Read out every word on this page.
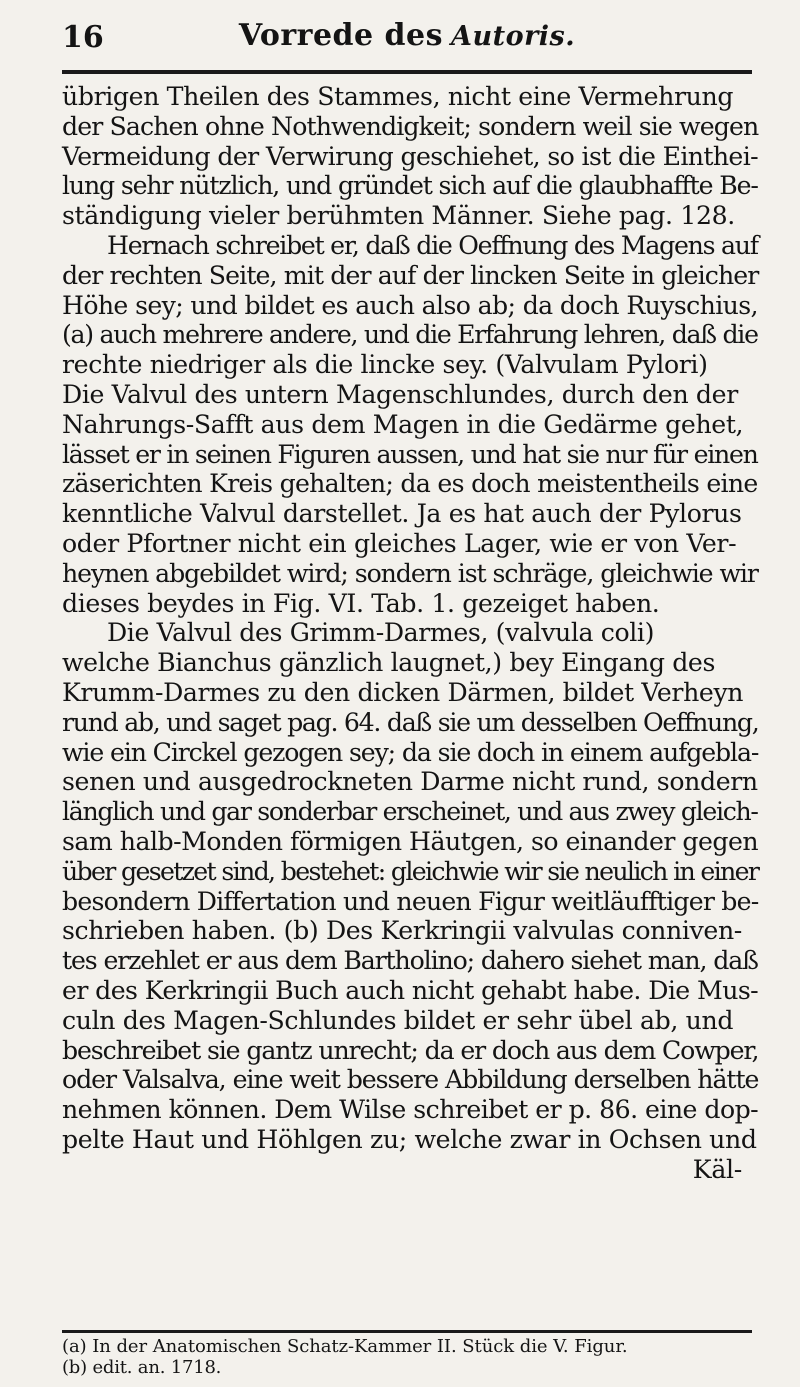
16	Vorrede des Autoris.
übrigen Theilen des Stammes, nicht eine Vermehrung
der Sachen ohne Nothwendigkeit; sondern weil sie wegen
Vermeidung der Verwirung geschiehet, so ist die Einthei-
lung sehr nützlich, und gründet sich auf die glaubhaffte Be-
ständigung vieler berühmten Männer. Siehe pag. 128.
Hernach schreibet er, daß die Oeffnung des Magens auf
der rechten Seite, mit der auf der lincken Seite in gleicher
Höhe sey; und bildet es auch also ab; da doch Ruyschius,
(a) auch mehrere andere, und die Erfahrung lehren, daß die
rechte niedriger als die lincke sey. (Valvulam Pylori)
Die Valvul des untern Magenschlundes, durch den der
Nahrungs-Safft aus dem Magen in die Gedärme gehet,
lässet er in seinen Figuren aussen, und hat sie nur für einen
zäserichten Kreis gehalten; da es doch meistentheils eine
kenntliche Valvul darstellet. Ja es hat auch der Pylorus
oder Pfortner nicht ein gleiches Lager, wie er von Ver-
heynen abgebildet wird; sondern ist schräge, gleichwie wir
dieses beydes in Fig. VI. Tab. 1. gezeiget haben.
Die Valvul des Grimm-Darmes, (valvula coli)
welche Bianchus gänzlich laugnet,) bey Eingang des
Krumm-Darmes zu den dicken Därmen, bildet Verheyn
rund ab, und saget pag. 64. daß sie um desselben Oeffnung,
wie ein Circkel gezogen sey; da sie doch in einem aufgebla-
senen und ausgedrockneten Darme nicht rund, sondern
länglich und gar sonderbar erscheinet, und aus zwey gleich-
sam halb-Monden förmigen Häutgen, so einander gegen
über gesetzet sind, bestehet: gleichwie wir sie neulich in einer
besondern Differtation und neuen Figur weitläufftiger be-
schrieben haben. (b) Des Kerkringii valvulas conniven-
tes erzehlet er aus dem Bartholino; dahero siehet man, daß
er des Kerkringii Buch auch nicht gehabt habe. Die Mus-
culn des Magen-Schlundes bildet er sehr übel ab, und
beschreibet sie gantz unrecht; da er doch aus dem Cowper,
oder Valsalva, eine weit bessere Abbildung derselben hätte
nehmen können. Dem Wilse schreibet er p. 86. eine dop-
pelte Haut und Höhlgen zu; welche zwar in Ochsen und
Käl-
(a) In der Anatomischen Schatz-Kammer II. Stück die V. Figur.
(b) edit. an. 1718.
